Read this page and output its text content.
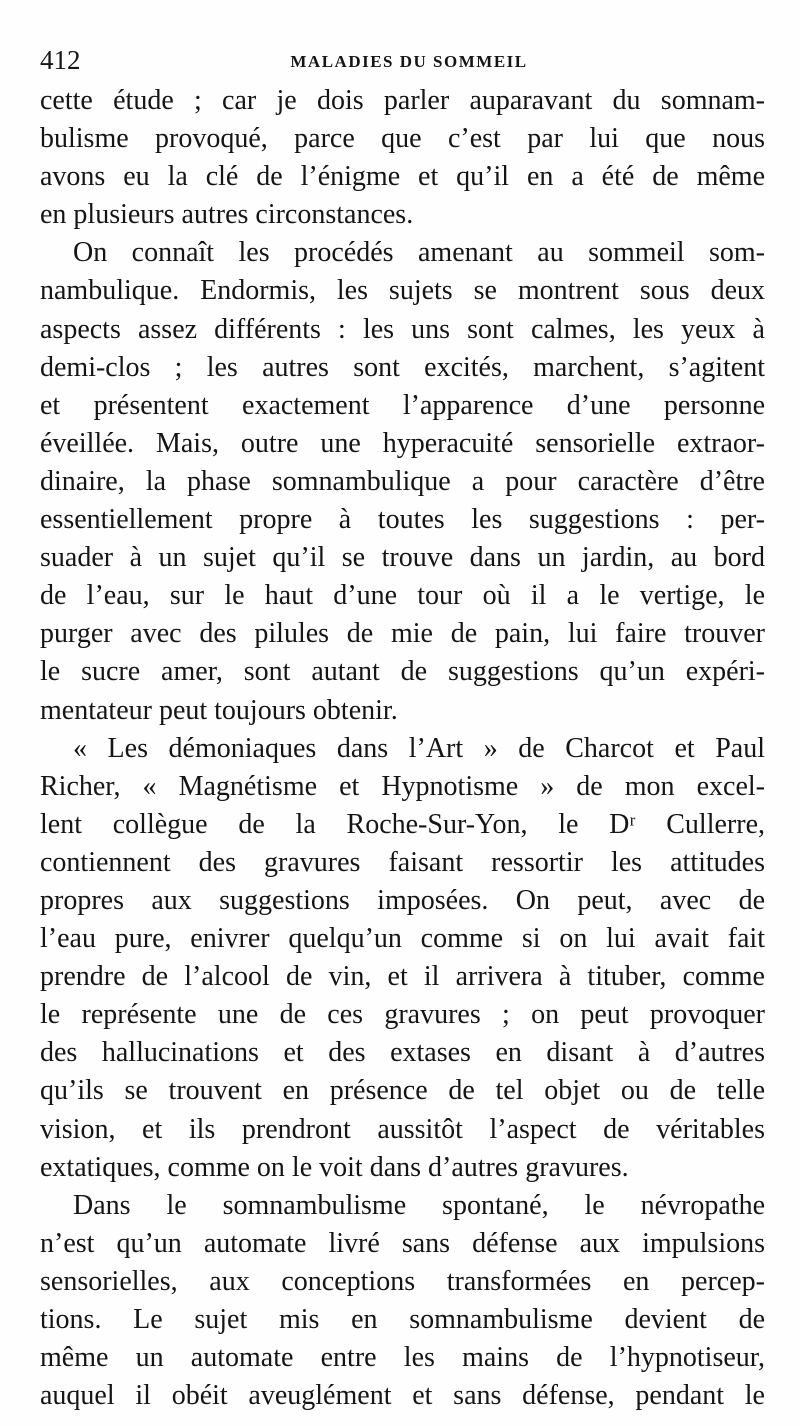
412	MALADIES DU SOMMEIL
cette étude ; car je dois parler auparavant du somnam-
bulisme provoqué, parce que c’est par lui que nous
avons eu la clé de l’énigme et qu’il en a été de même
en plusieurs autres circonstances.
On connaît les procédés amenant au sommeil som-
nambulique. Endormis, les sujets se montrent sous deux
aspects assez différents : les uns sont calmes, les yeux à
demi-clos ; les autres sont excités, marchent, s’agitent
et présentent exactement l’apparence d’une personne
éveillée. Mais, outre une hyperacuité sensorielle extraor-
dinaire, la phase somnambulique a pour caractère d’être
essentiellement propre à toutes les suggestions : per-
suader à un sujet qu’il se trouve dans un jardin, au bord
de l’eau, sur le haut d’une tour où il a le vertige, le
purger avec des pilules de mie de pain, lui faire trouver
le sucre amer, sont autant de suggestions qu’un expéri-
mentateur peut toujours obtenir.
« Les démoniaques dans l’Art » de Charcot et Paul
Richer, « Magnétisme et Hypnotisme » de mon excel-
lent collègue de la Roche-Sur-Yon, le Dʳ Cullerre,
contiennent des gravures faisant ressortir les attitudes
propres aux suggestions imposées. On peut, avec de
l’eau pure, enivrer quelqu’un comme si on lui avait fait
prendre de l’alcool de vin, et il arrivera à tituber, comme
le représente une de ces gravures ; on peut provoquer
des hallucinations et des extases en disant à d’autres
qu’ils se trouvent en présence de tel objet ou de telle
vision, et ils prendront aussitôt l’aspect de véritables
extatiques, comme on le voit dans d’autres gravures.
Dans le somnambulisme spontané, le névropathe
n’est qu’un automate livré sans défense aux impulsions
sensorielles, aux conceptions transformées en percep-
tions. Le sujet mis en somnambulisme devient de
même un automate entre les mains de l’hypnotiseur,
auquel il obéit aveuglément et sans défense, pendant le
